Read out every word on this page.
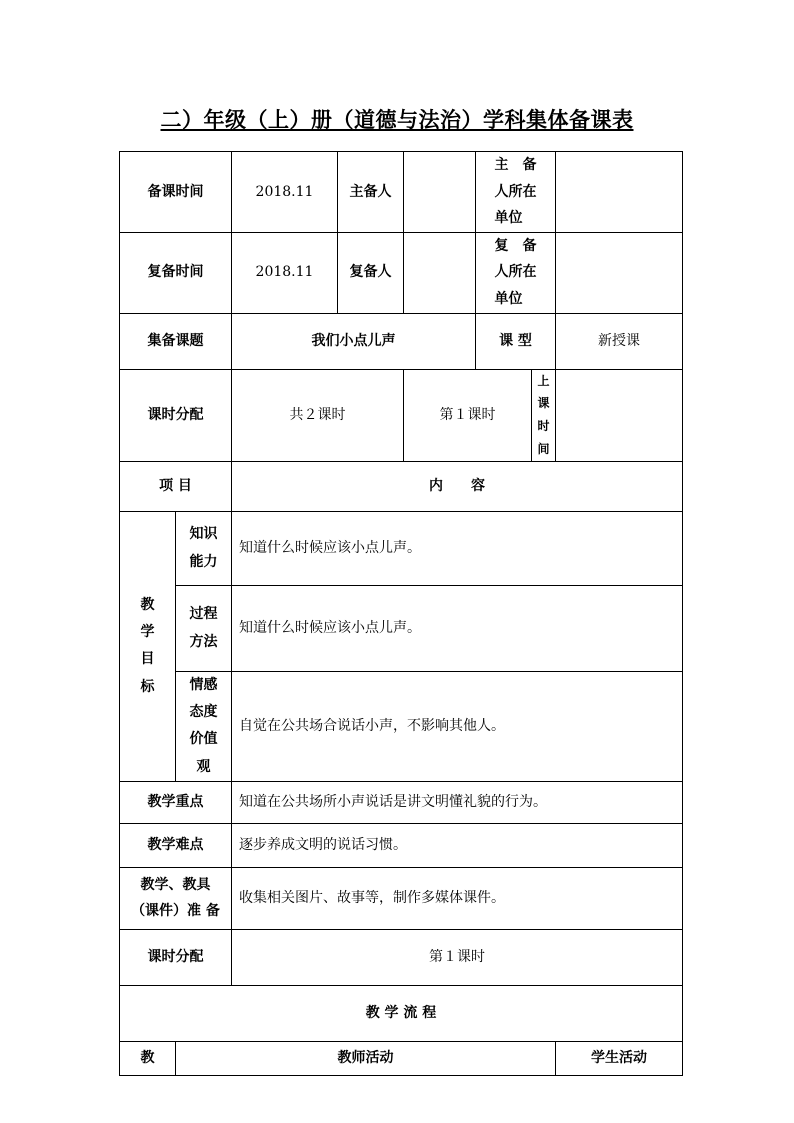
二）年级（上）册（道德与法治）学科集体备课表
备课时间		2018.11	主备人		主 备 人所在单位		
复备时间		2018.11	复备人		复 备 人所在单位		
集备课题		我们小点儿声			课 型		新授课
课时分配		共２课时		第１课时		上课时间	
项 目		内　　容					
教学目标	知识能力	知道什么时候应该小点儿声。					
	过程方法	知道什么时候应该小点儿声。					
	情感态度价值观	自觉在公共场合说话小声，不影响其他人。					
教学重点		知道在公共场所小声说话是讲文明懂礼貌的行为。					
教学难点		逐步养成文明的说话习惯。					
教学、教具（课件）准 备		收集相关图片、故事等，制作多媒体课件。					
课时分配		第１课时					
教 学 流 程							
教	教师活动						学生活动
